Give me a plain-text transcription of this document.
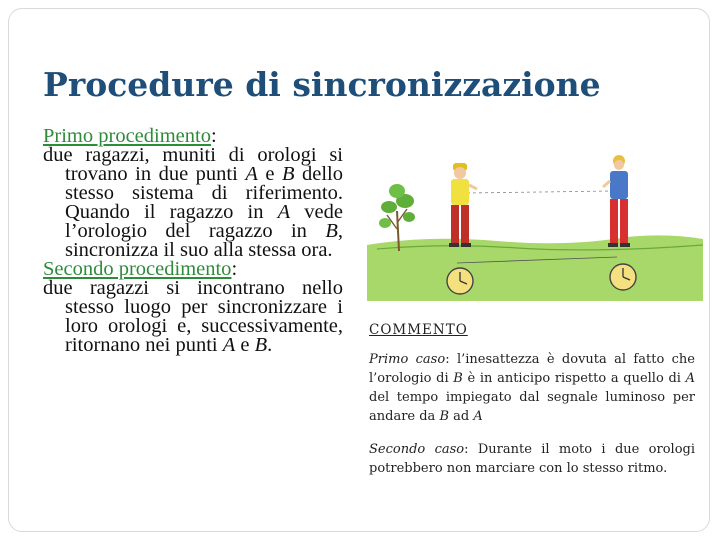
Procedure di sincronizzazione

Primo procedimento:

due ragazzi, muniti di orologi si trovano in due punti A e B dello stesso sistema di riferimento. Quando il ragazzo in A vede l’orologio del ragazzo in B, sincronizza il suo alla stessa ora.

Secondo procedimento:

due ragazzi si incontrano nello stesso luogo per sincronizzare i loro orologi e, successivamente, ritornano nei punti A e B.

COMMENTO

Primo caso: l’inesattezza è dovuta al fatto che l’orologio di B è in anticipo rispetto a quello di A del tempo impiegato dal segnale luminoso per andare da B ad A

Secondo caso: Durante il moto i due orologi potrebbero non marciare con lo stesso ritmo.
